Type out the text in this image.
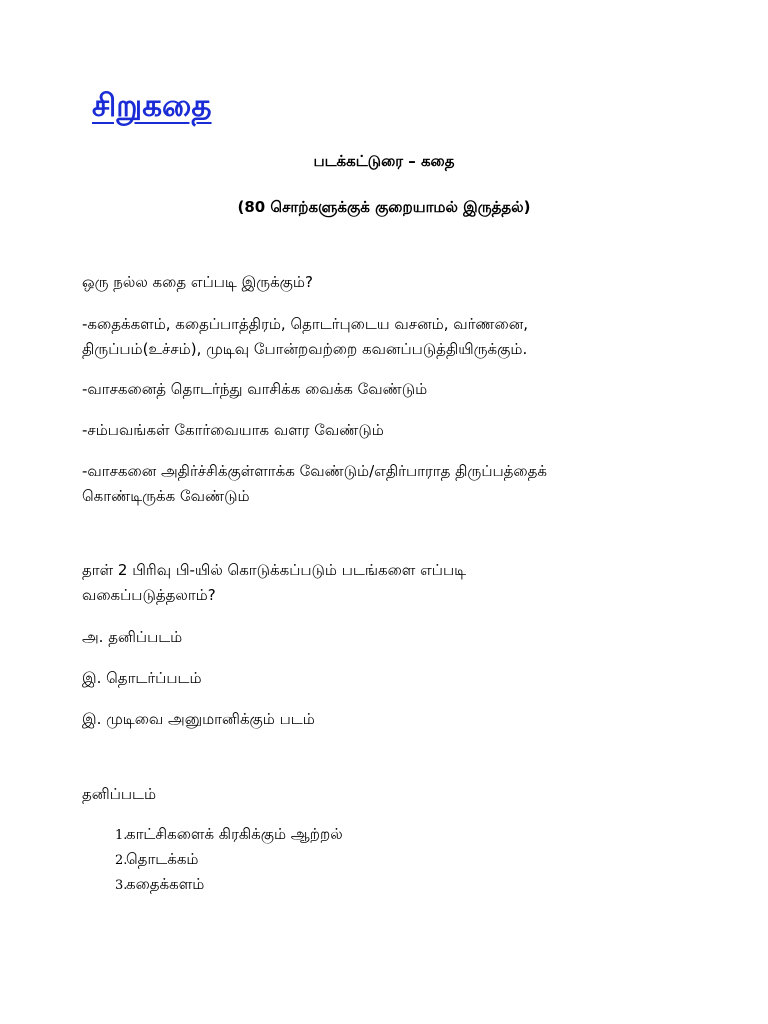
சிறுகதை

படக்கட்டுரை – கதை

(80 சொற்களுக்குக் குறையாமல் இருத்தல்)

ஒரு நல்ல கதை எப்படி இருக்கும்?

-கதைக்களம், கதைப்பாத்திரம், தொடர்புடைய வசனம், வர்ணனை,

திருப்பம்(உச்சம்), முடிவு போன்றவற்றை கவனப்படுத்தியிருக்கும்.

-வாசகனைத் தொடர்ந்து வாசிக்க வைக்க வேண்டும்

-சம்பவங்கள் கோர்வையாக வளர வேண்டும்

-வாசகனை அதிர்ச்சிக்குள்ளாக்க வேண்டும்/எதிர்பாராத திருப்பத்தைக்

கொண்டிருக்க வேண்டும்

தாள் 2 பிரிவு பி-யில் கொடுக்கப்படும் படங்களை எப்படி

வகைப்படுத்தலாம்?

அ. தனிப்படம்

இ. தொடர்ப்படம்

இ. முடிவை அனுமானிக்கும் படம்

தனிப்படம்

1.காட்சிகளைக் கிரகிக்கும் ஆற்றல்
2.தொடக்கம்
3.கதைக்களம்
